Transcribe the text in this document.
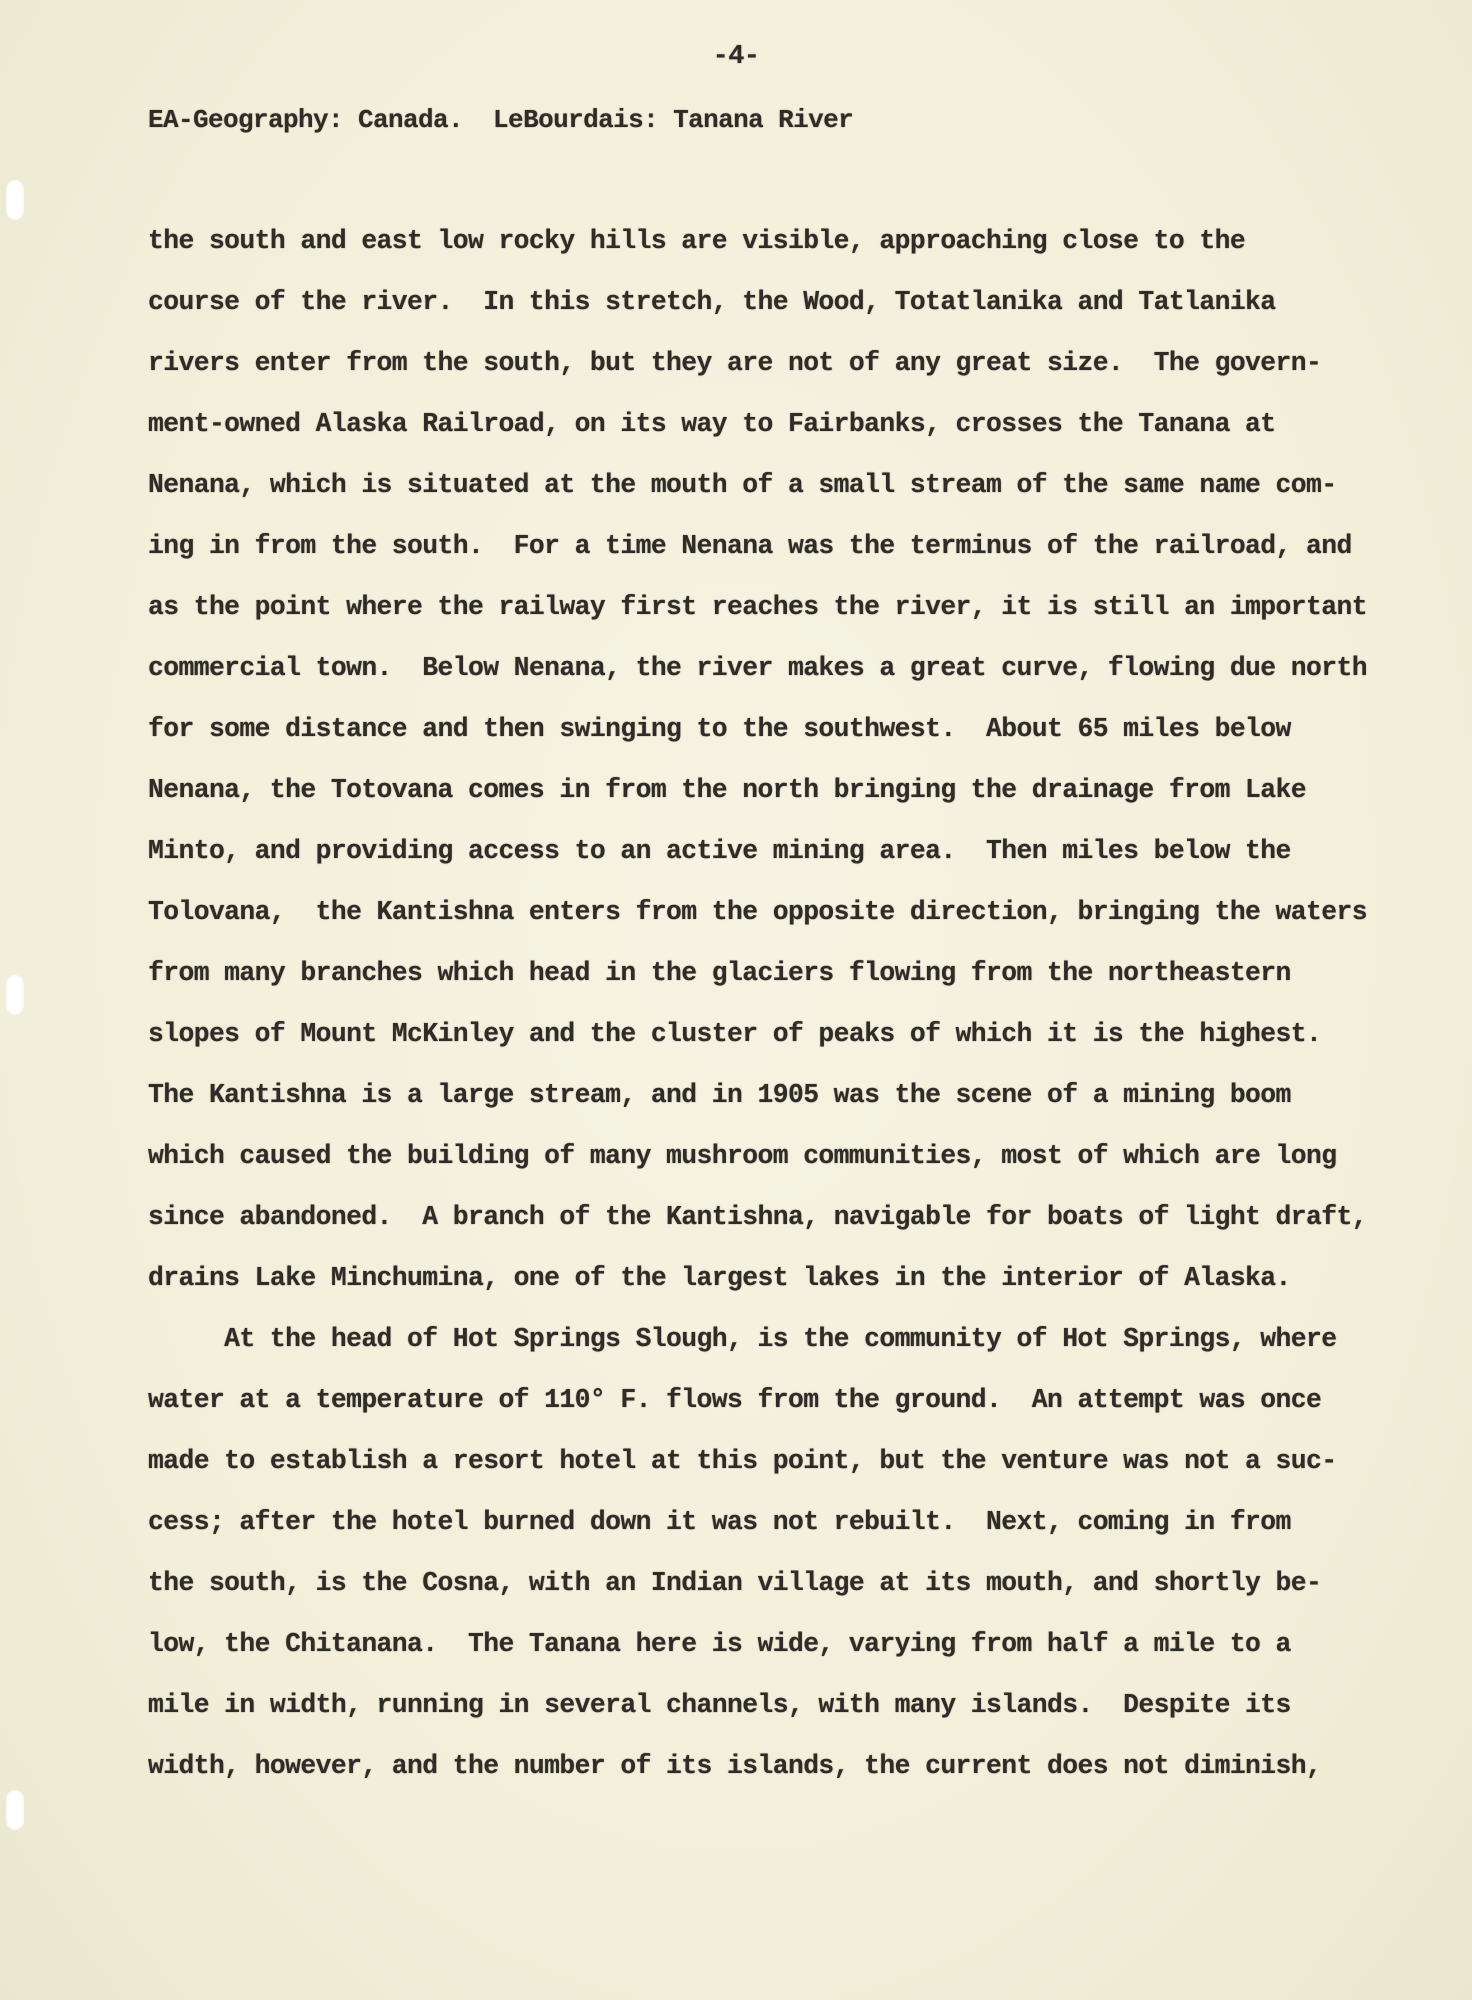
-4-
EA-Geography: Canada.  LeBourdais: Tanana River
the south and east low rocky hills are visible, approaching close to the
course of the river.  In this stretch, the Wood, Totatlanika and Tatlanika
rivers enter from the south, but they are not of any great size.  The govern-
ment-owned Alaska Railroad, on its way to Fairbanks, crosses the Tanana at
Nenana, which is situated at the mouth of a small stream of the same name com-
ing in from the south.  For a time Nenana was the terminus of the railroad, and
as the point where the railway first reaches the river, it is still an important
commercial town.  Below Nenana, the river makes a great curve, flowing due north
for some distance and then swinging to the southwest.  About 65 miles below
Nenana, the Totovana comes in from the north bringing the drainage from Lake
Minto, and providing access to an active mining area.  Then miles below the
Tolovana,  the Kantishna enters from the opposite direction, bringing the waters
from many branches which head in the glaciers flowing from the northeastern
slopes of Mount McKinley and the cluster of peaks of which it is the highest.
The Kantishna is a large stream, and in 1905 was the scene of a mining boom
which caused the building of many mushroom communities, most of which are long
since abandoned.  A branch of the Kantishna, navigable for boats of light draft,
drains Lake Minchumina, one of the largest lakes in the interior of Alaska.
At the head of Hot Springs Slough, is the community of Hot Springs, where
water at a temperature of 110° F. flows from the ground.  An attempt was once
made to establish a resort hotel at this point, but the venture was not a suc-
cess; after the hotel burned down it was not rebuilt.  Next, coming in from
the south, is the Cosna, with an Indian village at its mouth, and shortly be-
low, the Chitanana.  The Tanana here is wide, varying from half a mile to a
mile in width, running in several channels, with many islands.  Despite its
width, however, and the number of its islands, the current does not diminish,
